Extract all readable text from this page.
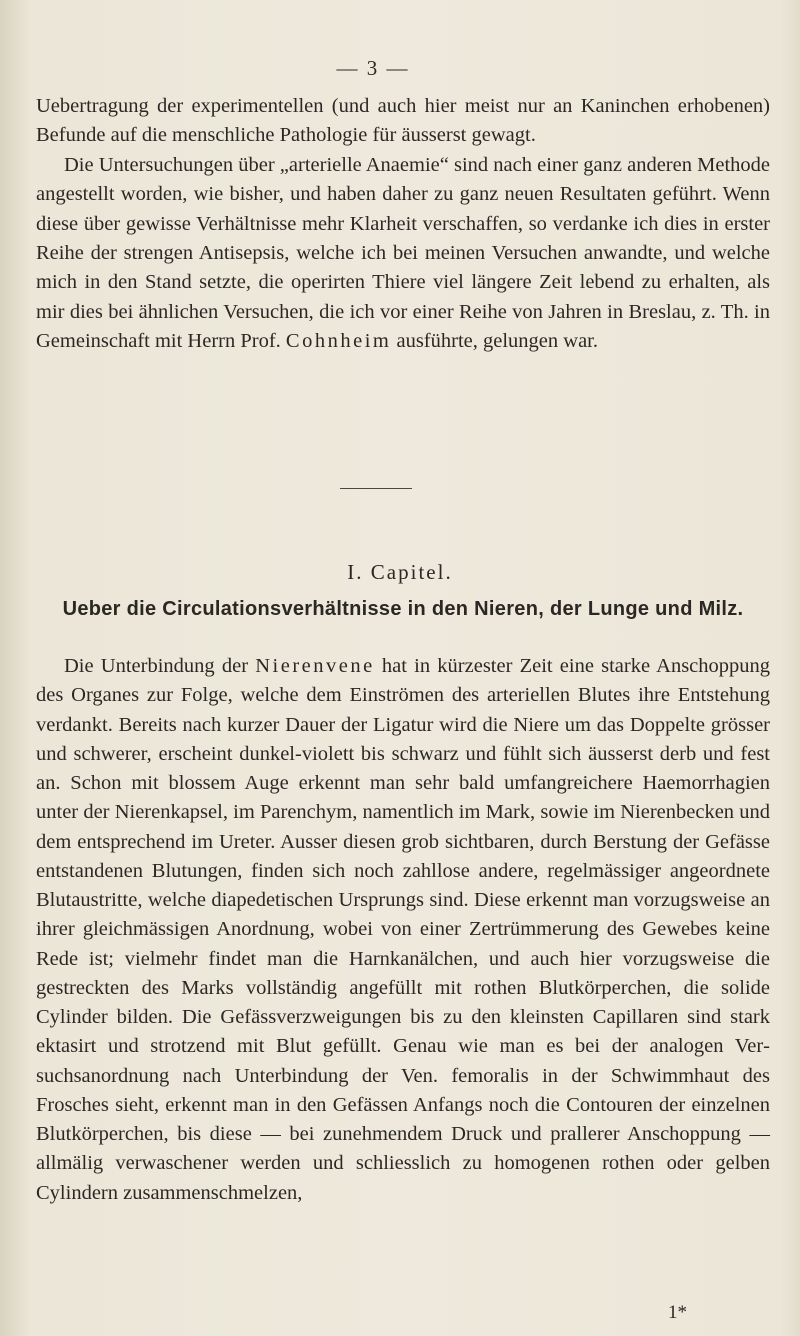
— 3 —

Uebertragung der experimentellen (und auch hier meist nur an Kaninchen erhobenen) Befunde auf die menschliche Pathologie für äusserst gewagt.

Die Untersuchungen über „arterielle Anaemie“ sind nach einer ganz anderen Methode angestellt worden, wie bisher, und haben daher zu ganz neuen Resultaten geführt. Wenn diese über gewisse Verhältnisse mehr Klarheit verschaffen, so verdanke ich dies in erster Reihe der strengen Antisepsis, welche ich bei meinen Versuchen anwandte, und welche mich in den Stand setzte, die operirten Thiere viel längere Zeit lebend zu erhalten, als mir dies bei ähnlichen Versuchen, die ich vor einer Reihe von Jahren in Breslau, z. Th. in Gemeinschaft mit Herrn Prof. Cohnheim ausführte, gelungen war.

I. Capitel.
Ueber die Circulationsverhältnisse in den Nieren, der Lunge und Milz.

Die Unterbindung der Nierenvene hat in kürzester Zeit eine starke Anschoppung des Organes zur Folge, welche dem Einströmen des arteriellen Blutes ihre Entstehung verdankt. Bereits nach kurzer Dauer der Ligatur wird die Niere um das Doppelte grösser und schwerer, erscheint dunkel-violett bis schwarz und fühlt sich äusserst derb und fest an. Schon mit blossem Auge erkennt man sehr bald umfangreichere Haemorrhagien unter der Nierenkapsel, im Parenchym, namentlich im Mark, sowie im Nierenbecken und dem entsprechend im Ureter. Ausser diesen grob sichtbaren, durch Berstung der Gefässe entstandenen Blutungen, finden sich noch zahllose andere, regelmässiger angeordnete Blutaustritte, welche diapedetischen Ursprungs sind. Diese erkennt man vorzugsweise an ihrer gleichmässigen Anordnung, wobei von einer Zertrümmerung des Gewebes keine Rede ist; vielmehr findet man die Harnkanälchen, und auch hier vorzugsweise die gestreckten des Marks vollständig angefüllt mit rothen Blutkörperchen, die solide Cylinder bilden. Die Gefässverzweigungen bis zu den kleinsten Capillaren sind stark ektasirt und strotzend mit Blut gefüllt. Genau wie man es bei der analogen Versuchsanordnung nach Unterbindung der Ven. femoralis in der Schwimmhaut des Frosches sieht, erkennt man in den Gefässen Anfangs noch die Contouren der einzelnen Blutkörperchen, bis diese — bei zunehmendem Druck und prallerer Anschoppung — allmälig verwaschener werden und schliesslich zu homogenen rothen oder gelben Cylindern zusammenschmelzen,

1*
